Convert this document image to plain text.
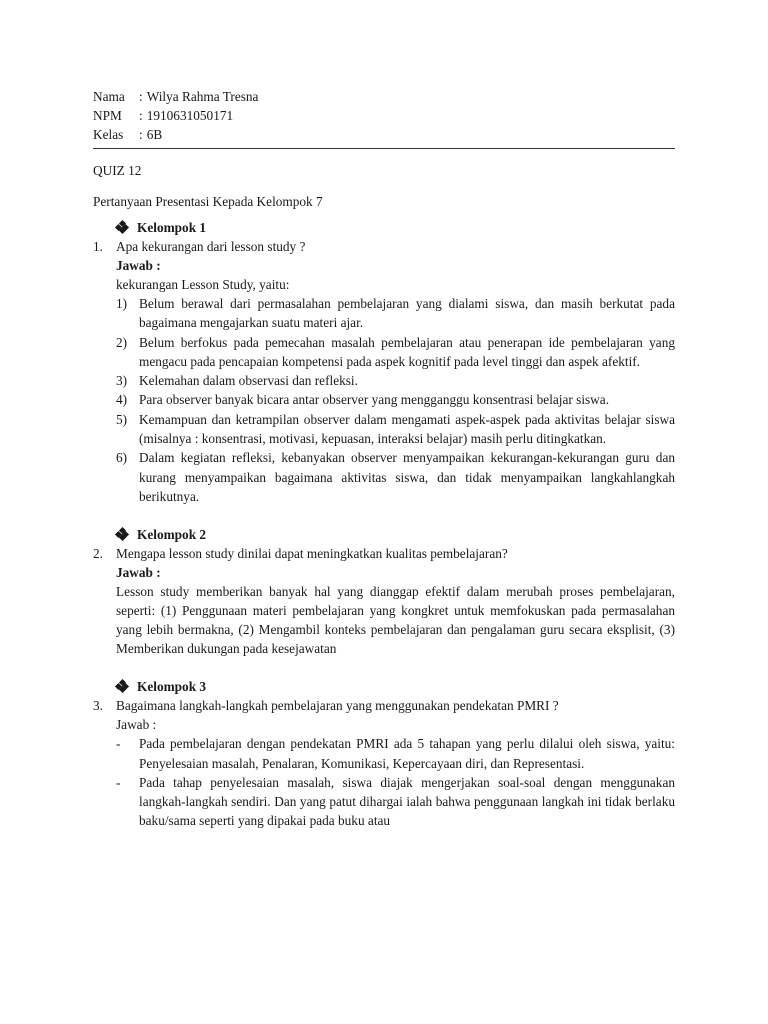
Nama	: Wilya Rahma Tresna
NPM	: 1910631050171
Kelas	: 6B
QUIZ 12
Pertanyaan Presentasi Kepada Kelompok 7
Kelompok 1
1. Apa kekurangan dari lesson study ?
Jawab :
kekurangan Lesson Study, yaitu:
1) Belum berawal dari permasalahan pembelajaran yang dialami siswa, dan masih berkutat pada bagaimana mengajarkan suatu materi ajar.
2) Belum berfokus pada pemecahan masalah pembelajaran atau penerapan ide pembelajaran yang mengacu pada pencapaian kompetensi pada aspek kognitif pada level tinggi dan aspek afektif.
3) Kelemahan dalam observasi dan refleksi.
4) Para observer banyak bicara antar observer yang mengganggu konsentrasi belajar siswa.
5) Kemampuan dan ketrampilan observer dalam mengamati aspek-aspek pada aktivitas belajar siswa (misalnya : konsentrasi, motivasi, kepuasan, interaksi belajar) masih perlu ditingkatkan.
6) Dalam kegiatan refleksi, kebanyakan observer menyampaikan kekurangan-kekurangan guru dan kurang menyampaikan bagaimana aktivitas siswa, dan tidak menyampaikan langkahlangkah berikutnya.
Kelompok 2
2. Mengapa lesson study dinilai dapat meningkatkan kualitas pembelajaran?
Jawab :
Lesson study memberikan banyak hal yang dianggap efektif dalam merubah proses pembelajaran, seperti: (1) Penggunaan materi pembelajaran yang kongkret untuk memfokuskan pada permasalahan yang lebih bermakna, (2) Mengambil konteks pembelajaran dan pengalaman guru secara eksplisit, (3) Memberikan dukungan pada kesejawatan
Kelompok 3
3. Bagaimana langkah-langkah pembelajaran yang menggunakan pendekatan PMRI ?
Jawab :
-	Pada pembelajaran dengan pendekatan PMRI ada 5 tahapan yang perlu dilalui oleh siswa, yaitu: Penyelesaian masalah, Penalaran, Komunikasi, Kepercayaan diri, dan Representasi.
-	Pada tahap penyelesaian masalah, siswa diajak mengerjakan soal-soal dengan menggunakan langkah-langkah sendiri. Dan yang patut dihargai ialah bahwa penggunaan langkah ini tidak berlaku baku/sama seperti yang dipakai pada buku atau
